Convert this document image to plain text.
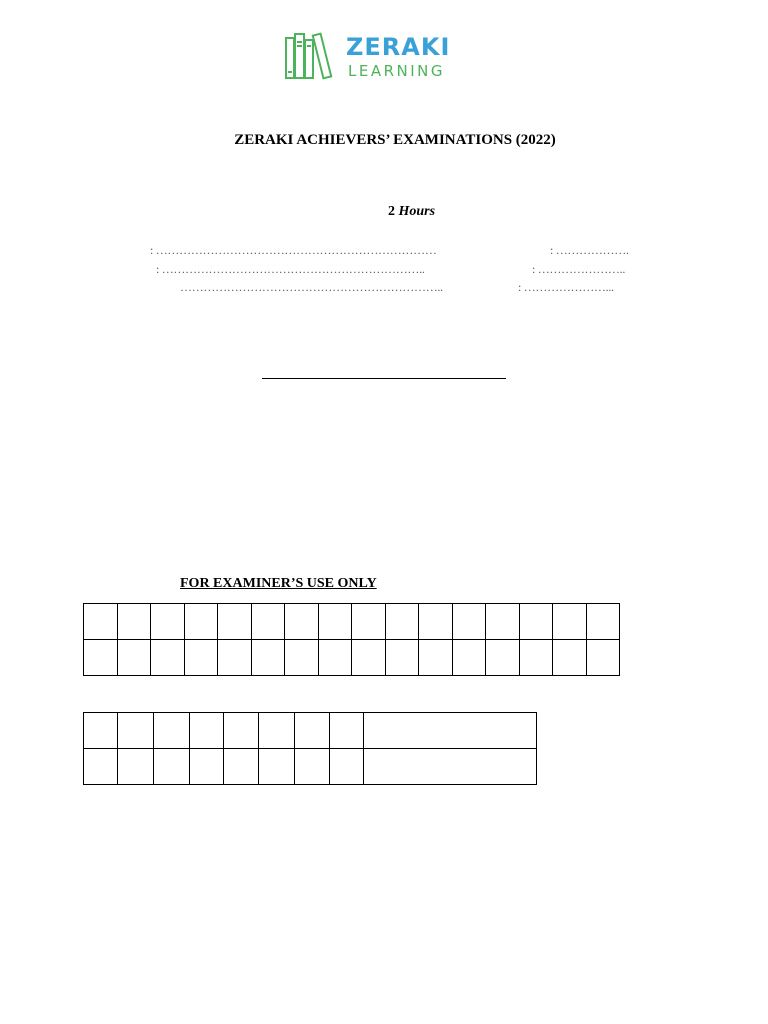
ZERAKI
LEARNING
ZERAKI ACHIEVERS’ EXAMINATIONS (2022)
2 Hours
: ………………………………………………………………	: ……………….
: …………………………………………………………..	: …………………..
…………………………………………………………..	: …………………...
FOR EXAMINER’S USE ONLY
